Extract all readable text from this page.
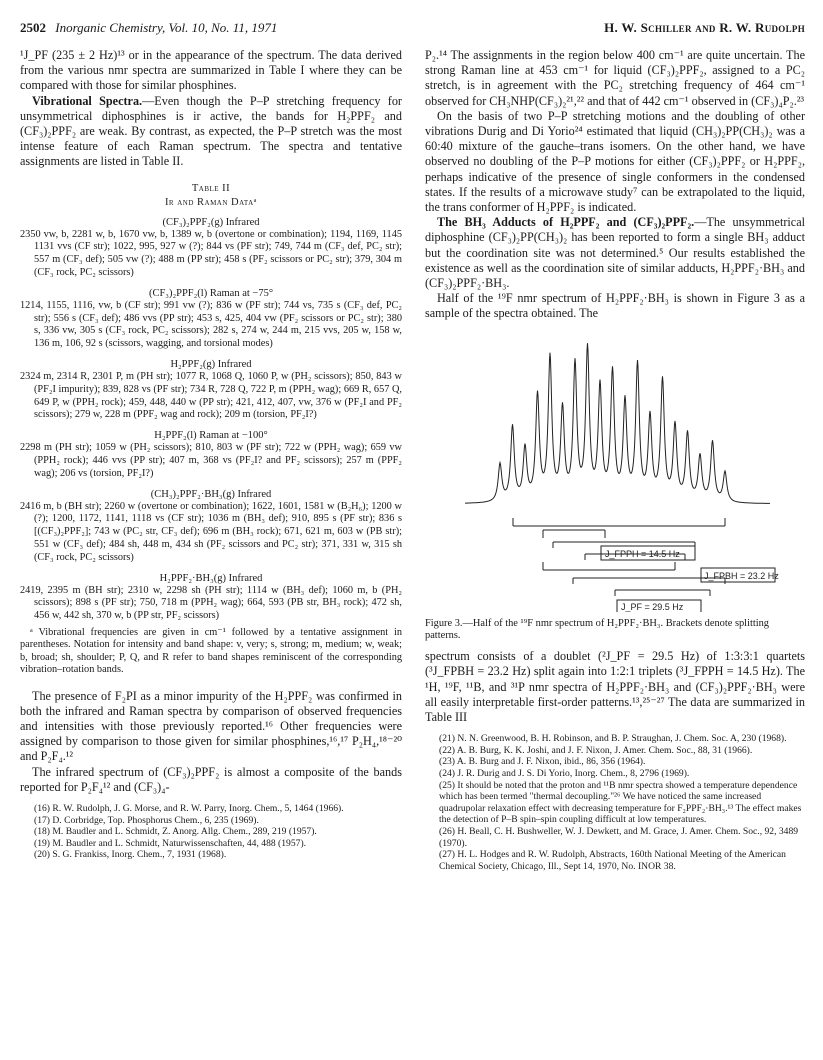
2502 Inorganic Chemistry, Vol. 10, No. 11, 1971	H. W. Schiller and R. W. Rudolph

¹J_PF (235 ± 2 Hz)¹³ or in the appearance of the spectrum. The data derived from the various nmr spectra are summarized in Table I where they can be compared with those for similar phosphines.

Vibrational Spectra.—Even though the P–P stretching frequency for unsymmetrical diphosphines is ir active, the bands for H₂PPF₂ and (CF₃)₂PPF₂ are weak. By contrast, as expected, the P–P stretch was the most intense feature of each Raman spectrum. The spectra and tentative assignments are listed in Table II.

Table II
Ir and Raman Dataᵃ
(CF₃)₂PPF₂(g) Infrared
2350 vw, b, 2281 w, b, 1670 vw, b, 1389 w, b (overtone or combination); 1194, 1169, 1145 1131 vvs (CF str); 1022, 995, 927 w (?); 844 vs (PF str); 749, 744 m (CF₃ def, PC₂ str); 557 m (CF₃ def); 505 vw (?); 488 m (PP str); 458 s (PF₂ scissors or PC₂ str); 379, 304 m (CF₃ rock, PC₂ scissors)
(CF₃)₂PPF₂(l) Raman at −75°
1214, 1155, 1116, vw, b (CF str); 991 vw (?); 836 w (PF str); 744 vs, 735 s (CF₃ def, PC₂ str); 556 s (CF₃ def); 486 vvs (PP str); 453 s, 425, 404 vw (PF₂ scissors or PC₂ str); 380 s, 336 vw, 305 s (CF₃ rock, PC₂ scissors); 282 s, 274 w, 244 m, 215 vvs, 205 w, 158 w, 136 m, 106, 92 s (scissors, wagging, and torsional modes)
H₂PPF₂(g) Infrared
2324 m, 2314 R, 2301 P, m (PH str); 1077 R, 1068 Q, 1060 P, w (PH₂ scissors); 850, 843 w (PF₂I impurity); 839, 828 vs (PF str); 734 R, 728 Q, 722 P, m (PPH₂ wag); 669 R, 657 Q, 649 P, w (PPH₂ rock); 459, 448, 440 w (PP str); 421, 412, 407, vw, 376 w (PF₂I and PF₂ scissors); 279 w, 228 m (PPF₂ wag and rock); 209 m (torsion, PF₂I?)
H₂PPF₂(l) Raman at −100°
2298 m (PH str); 1059 w (PH₂ scissors); 810, 803 w (PF str); 722 w (PPH₂ wag); 659 vw (PPH₂ rock); 446 vvs (PP str); 407 m, 368 vs (PF₂I? and PF₂ scissors); 257 m (PPF₂ wag); 206 vs (torsion, PF₂I?)
(CH₃)₂PPF₂·BH₃(g) Infrared
2416 m, b (BH str); 2260 w (overtone or combination); 1622, 1601, 1581 w (B₂H₆); 1200 w (?); 1200, 1172, 1141, 1118 vs (CF str); 1036 m (BH₃ def); 910, 895 s (PF str); 836 s [(CF₃)₂PPF₂]; 743 w (PC₂ str, CF₃ def); 696 m (BH₃ rock); 671, 621 m, 603 w (PB str); 551 w (CF₃ def); 484 sh, 448 m, 434 sh (PF₂ scissors and PC₂ str); 371, 331 w, 315 sh (CF₃ rock, PC₂ scissors)
H₂PPF₂·BH₃(g) Infrared
2419, 2395 m (BH str); 2310 w, 2298 sh (PH str); 1114 w (BH₃ def); 1060 m, b (PH₂ scissors); 898 s (PF str); 750, 718 m (PPH₂ wag); 664, 593 (PB str, BH₃ rock); 472 sh, 456 w, 442 sh, 370 w, b (PP str, PF₂ scissors)
ᵃ Vibrational frequencies are given in cm⁻¹ followed by a tentative assignment in parentheses. Notation for intensity and band shape: v, very; s, strong; m, medium; w, weak; b, broad; sh, shoulder; P, Q, and R refer to band shapes reminiscent of the corresponding vibration–rotation bands.

The presence of F₂PI as a minor impurity of the H₂PPF₂ was confirmed in both the infrared and Raman spectra by comparison of observed frequencies and intensities with those previously reported.¹⁶ Other frequencies were assigned by comparison to those given for similar phosphines,¹⁶,¹⁷ P₂H₄,¹⁸⁻²⁰ and P₂F₄.¹²

The infrared spectrum of (CF₃)₂PPF₂ is almost a composite of the bands reported for P₂F₄¹² and (CF₃)₄-

(16) R. W. Rudolph, J. G. Morse, and R. W. Parry, Inorg. Chem., 5, 1464 (1966).
(17) D. Corbridge, Top. Phosphorus Chem., 6, 235 (1969).
(18) M. Baudler and L. Schmidt, Z. Anorg. Allg. Chem., 289, 219 (1957).
(19) M. Baudler and L. Schmidt, Naturwissenschaften, 44, 488 (1957).
(20) S. G. Frankiss, Inorg. Chem., 7, 1931 (1968).

P₂.¹⁴ The assignments in the region below 400 cm⁻¹ are quite uncertain. The strong Raman line at 453 cm⁻¹ for liquid (CF₃)₂PPF₂, assigned to a PC₂ stretch, is in agreement with the PC₂ stretching frequency of 464 cm⁻¹ observed for CH₃NHP(CF₃)₂²¹,²² and that of 442 cm⁻¹ observed in (CF₃)₄P₂.²³

On the basis of two P–P stretching motions and the doubling of other vibrations Durig and Di Yorio²⁴ estimated that liquid (CH₃)₂PP(CH₃)₂ was a 60:40 mixture of the gauche–trans isomers. On the other hand, we have observed no doubling of the P–P motions for either (CF₃)₂PPF₂ or H₂PPF₂, perhaps indicative of the presence of single conformers in the condensed states. If the results of a microwave study⁷ can be extrapolated to the liquid, the trans conformer of H₂PPF₂ is indicated.

The BH₃ Adducts of H₂PPF₂ and (CF₃)₂PPF₂.—The unsymmetrical diphosphine (CF₃)₂PP(CH₃)₂ has been reported to form a single BH₃ adduct but the coordination site was not determined.⁵ Our results established the existence as well as the coordination site of similar adducts, H₂PPF₂·BH₃ and (CF₃)₂PPF₂·BH₃.

Half of the ¹⁹F nmr spectrum of H₂PPF₂·BH₃ is shown in Figure 3 as a sample of the spectra obtained. The

J_FPPH = 14.5 Hz
J_FPBH = 23.2 Hz
J_PF = 29.5 Hz
Figure 3.—Half of the ¹⁹F nmr spectrum of H₂PPF₂·BH₃. Brackets denote splitting patterns.

spectrum consists of a doublet (²J_PF = 29.5 Hz) of 1:3:3:1 quartets (³J_FPBH = 23.2 Hz) split again into 1:2:1 triplets (³J_FPPH = 14.5 Hz). The ¹H, ¹⁹F, ¹¹B, and ³¹P nmr spectra of H₂PPF₂·BH₃ and (CF₃)₂PPF₂·BH₃ were all easily interpretable first-order patterns.¹³,²⁵⁻²⁷ The data are summarized in Table III

(21) N. N. Greenwood, B. H. Robinson, and B. P. Straughan, J. Chem. Soc. A, 230 (1968).
(22) A. B. Burg, K. K. Joshi, and J. F. Nixon, J. Amer. Chem. Soc., 88, 31 (1966).
(23) A. B. Burg and J. F. Nixon, ibid., 86, 356 (1964).
(24) J. R. Durig and J. S. Di Yorio, Inorg. Chem., 8, 2796 (1969).
(25) It should be noted that the proton and ¹¹B nmr spectra showed a temperature dependence which has been termed "thermal decoupling."²⁶ We have noticed the same increased quadrupolar relaxation effect with decreasing temperature for F₂PPF₂·BH₃.¹³ The effect makes the detection of P–B spin–spin coupling difficult at low temperatures.
(26) H. Beall, C. H. Bushweller, W. J. Dewkett, and M. Grace, J. Amer. Chem. Soc., 92, 3489 (1970).
(27) H. L. Hodges and R. W. Rudolph, Abstracts, 160th National Meeting of the American Chemical Society, Chicago, Ill., Sept 14, 1970, No. INOR 38.
